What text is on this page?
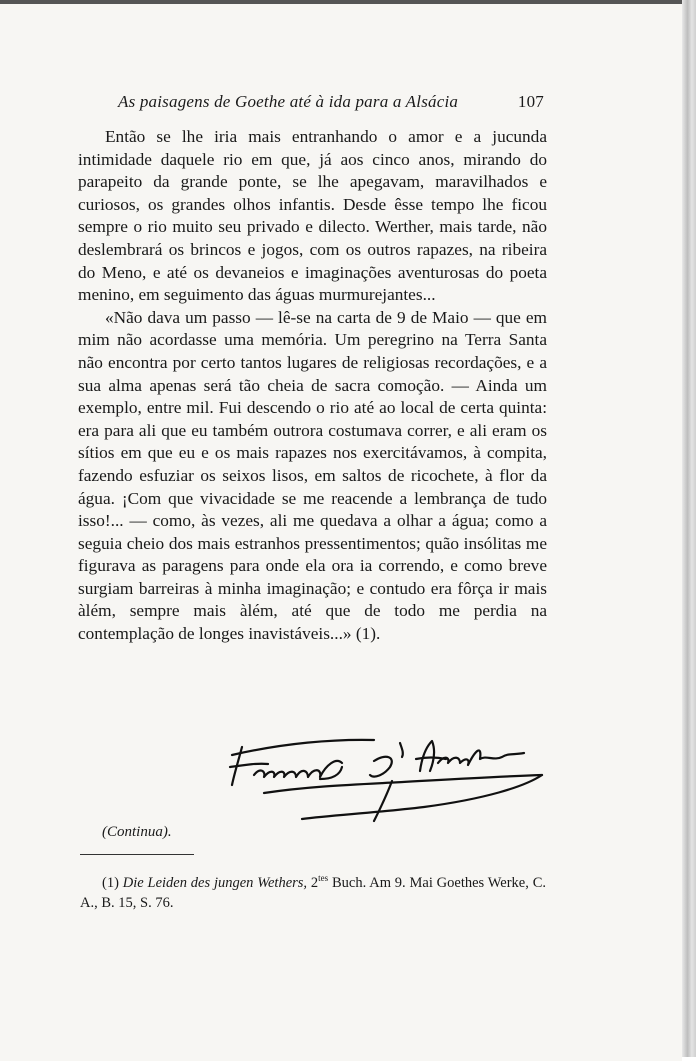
As paisagens de Goethe até à ida para a Alsácia	107

Então se lhe iria mais entranhando o amor e a jucunda intimidade daquele rio em que, já aos cinco anos, mirando do parapeito da grande ponte, se lhe apegavam, maravilhados e curiosos, os grandes olhos infantis. Desde êsse tempo lhe ficou sempre o rio muito seu privado e dilecto. Werther, mais tarde, não deslembrará os brincos e jogos, com os outros rapazes, na ribeira do Meno, e até os devaneios e imaginações aventurosas do poeta menino, em seguimento das águas murmurejantes...

«Não dava um passo — lê-se na carta de 9 de Maio — que em mim não acordasse uma memória. Um peregrino na Terra Santa não encontra por certo tantos lugares de religiosas recordações, e a sua alma apenas será tão cheia de sacra comoção. — Ainda um exemplo, entre mil. Fui descendo o rio até ao local de certa quinta: era para ali que eu também outrora costumava correr, e ali eram os sítios em que eu e os mais rapazes nos exercitávamos, à compita, fazendo esfuziar os seixos lisos, em saltos de ricochete, à flor da água. ¡Com que vivacidade se me reacende a lembrança de tudo isso!... — como, às vezes, ali me quedava a olhar a água; como a seguia cheio dos mais estranhos pressentimentos; quão insólitas me figurava as paragens para onde ela ora ia correndo, e como breve surgiam barreiras à minha imaginação; e contudo era fôrça ir mais àlém, sempre mais àlém, até que de todo me perdia na contemplação de longes inavistáveis...» (1).

(Continua).
(1) Die Leiden des jungen Wethers, $2^{tes}$ Buch. Am 9. Mai Goethes Werke, C. A., B. 15, S. 76.
